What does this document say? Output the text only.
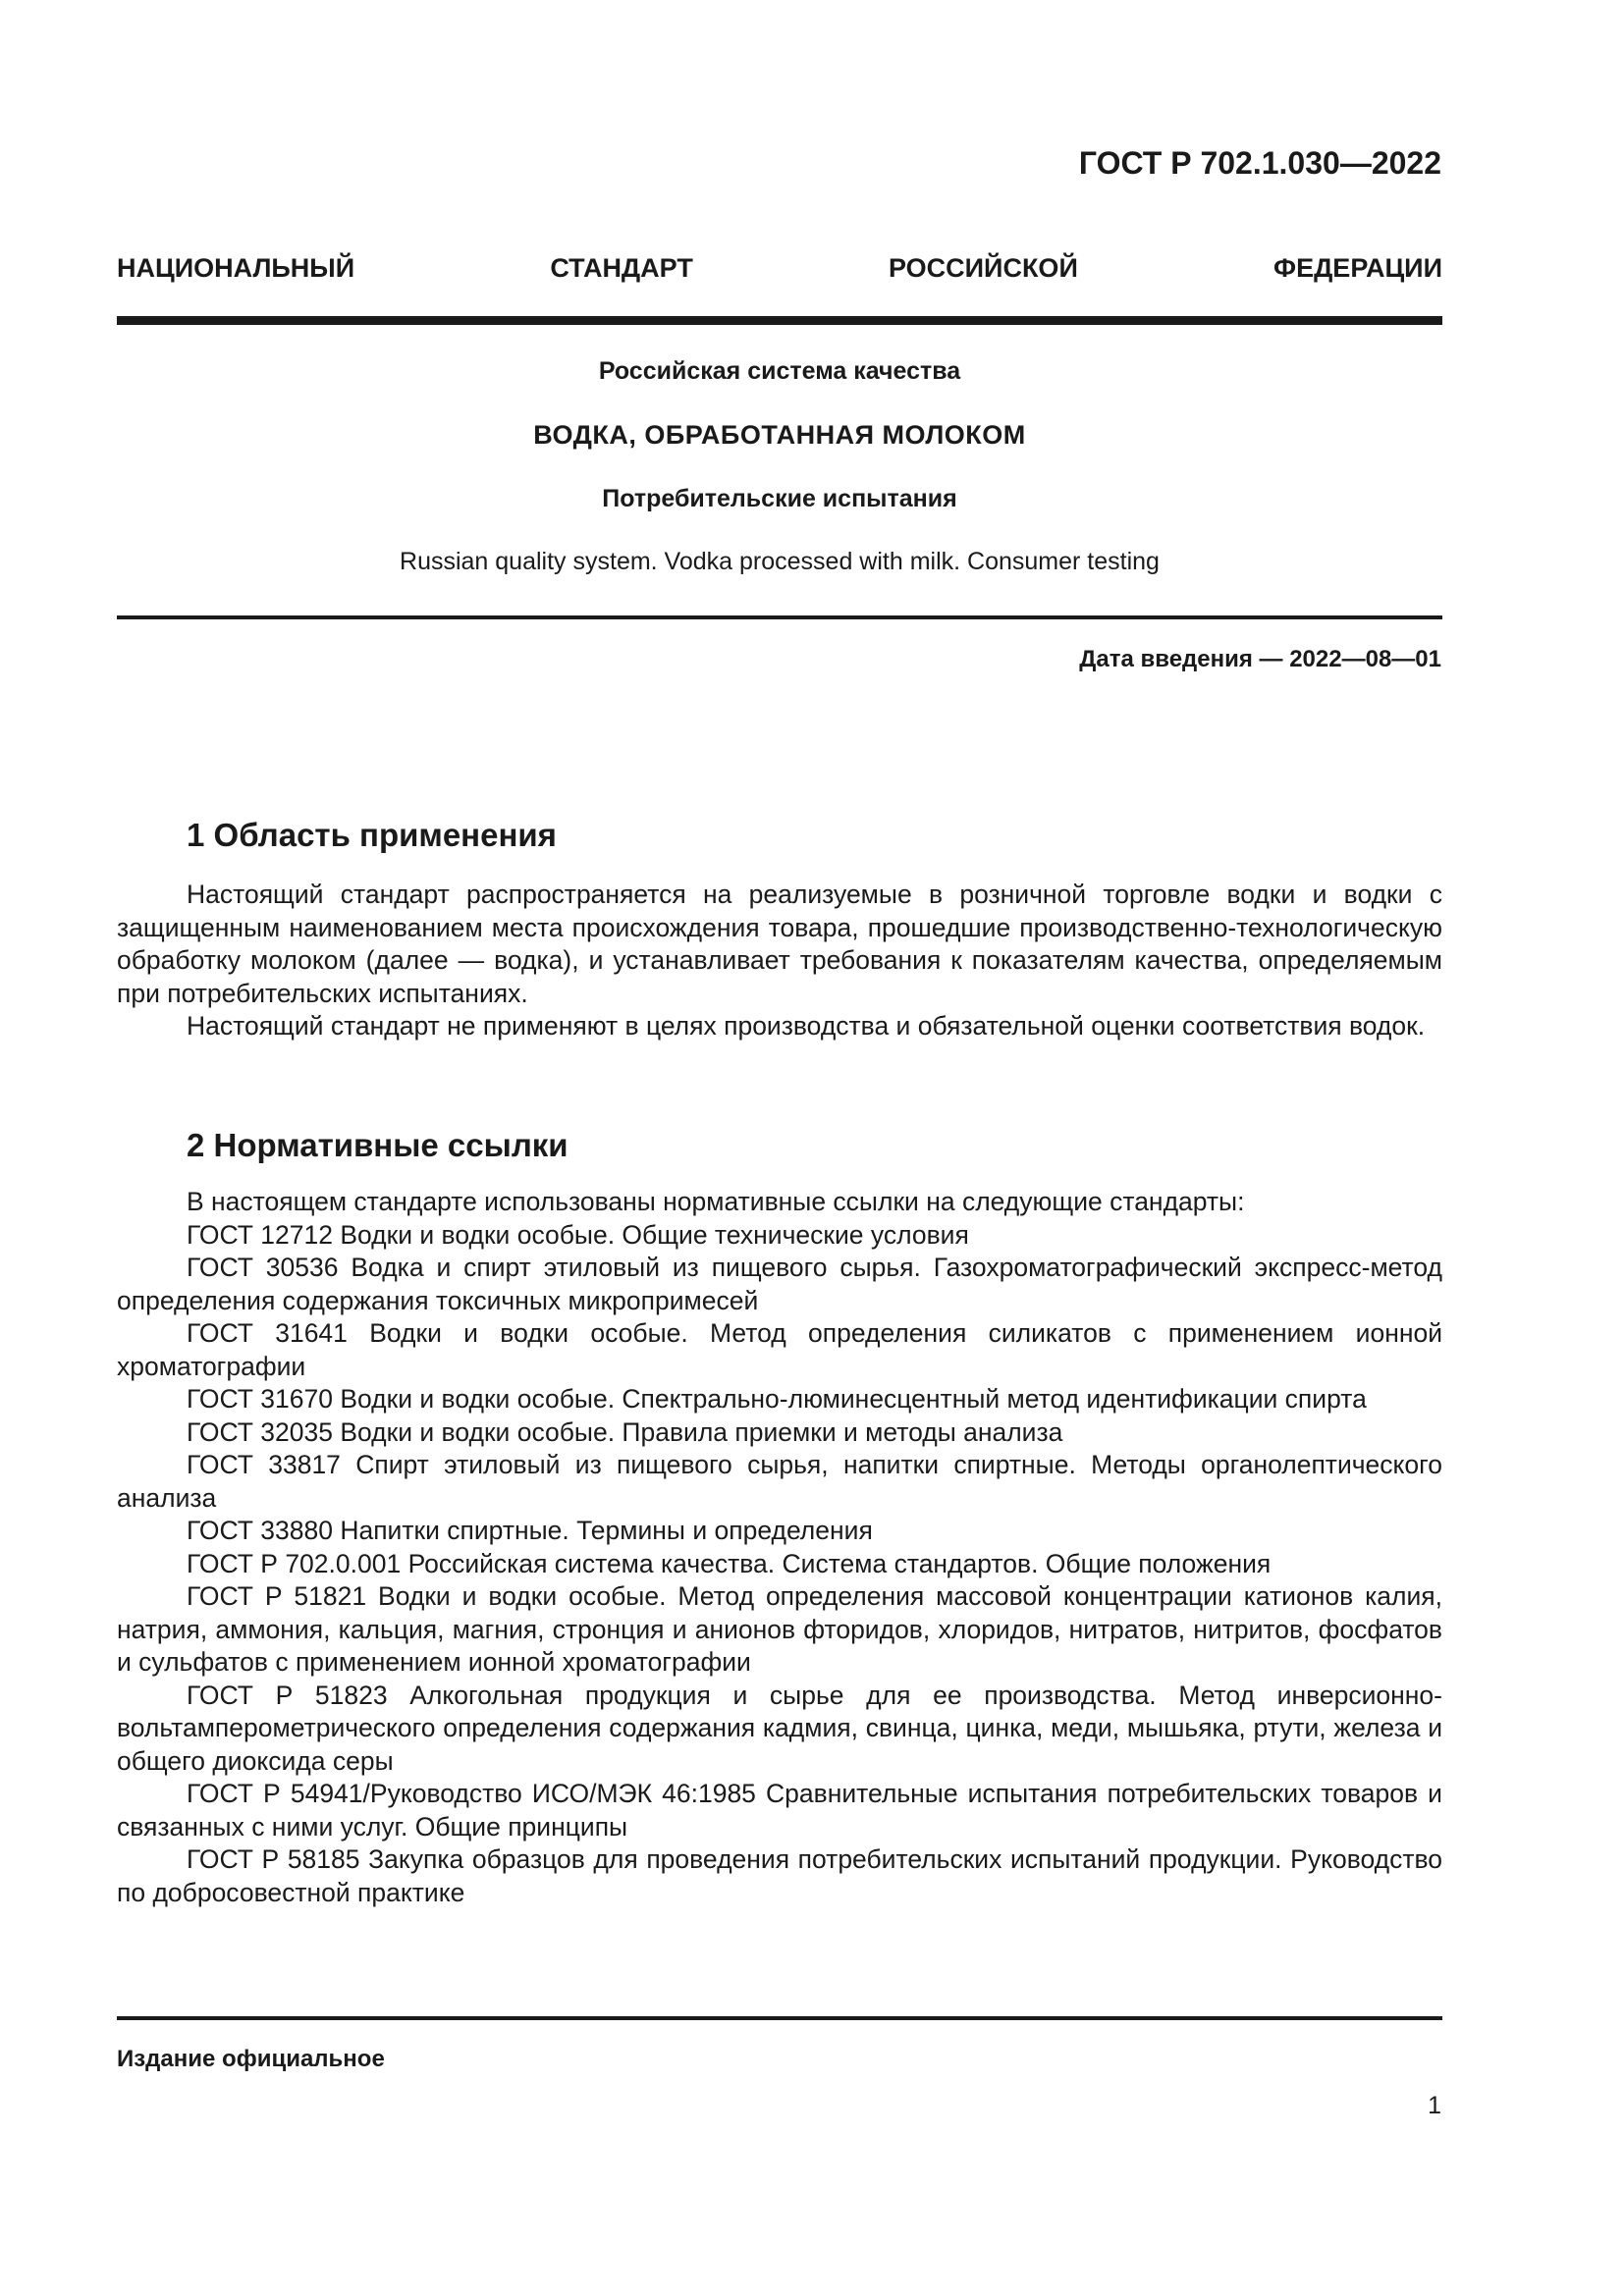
ГОСТ Р 702.1.030—2022
НАЦИОНАЛЬНЫЙ СТАНДАРТ РОССИЙСКОЙ ФЕДЕРАЦИИ
Российская система качества
ВОДКА, ОБРАБОТАННАЯ МОЛОКОМ
Потребительские испытания
Russian quality system. Vodka processed with milk. Consumer testing
Дата введения — 2022—08—01
1 Область применения

Настоящий стандарт распространяется на реализуемые в розничной торговле водки и водки с защищенным наименованием места происхождения товара, прошедшие производственно-технологическую обработку молоком (далее — водка), и устанавливает требования к показателям качества, определяемым при потребительских испытаниях.

Настоящий стандарт не применяют в целях производства и обязательной оценки соответствия водок.

2 Нормативные ссылки

В настоящем стандарте использованы нормативные ссылки на следующие стандарты:

ГОСТ 12712 Водки и водки особые. Общие технические условия

ГОСТ 30536 Водка и спирт этиловый из пищевого сырья. Газохроматографический экспресс-метод определения содержания токсичных микропримесей

ГОСТ 31641 Водки и водки особые. Метод определения силикатов с применением ионной хроматографии

ГОСТ 31670 Водки и водки особые. Спектрально-люминесцентный метод идентификации спирта

ГОСТ 32035 Водки и водки особые. Правила приемки и методы анализа

ГОСТ 33817 Спирт этиловый из пищевого сырья, напитки спиртные. Методы органолептического анализа

ГОСТ 33880 Напитки спиртные. Термины и определения

ГОСТ Р 702.0.001 Российская система качества. Система стандартов. Общие положения

ГОСТ Р 51821 Водки и водки особые. Метод определения массовой концентрации катионов калия, натрия, аммония, кальция, магния, стронция и анионов фторидов, хлоридов, нитратов, нитритов, фосфатов и сульфатов с применением ионной хроматографии

ГОСТ Р 51823 Алкогольная продукция и сырье для ее производства. Метод инверсионно-вольтамперометрического определения содержания кадмия, свинца, цинка, меди, мышьяка, ртути, железа и общего диоксида серы

ГОСТ Р 54941/Руководство ИСО/МЭК 46:1985 Сравнительные испытания потребительских товаров и связанных с ними услуг. Общие принципы

ГОСТ Р 58185 Закупка образцов для проведения потребительских испытаний продукции. Руководство по добросовестной практике

Издание официальное
1
